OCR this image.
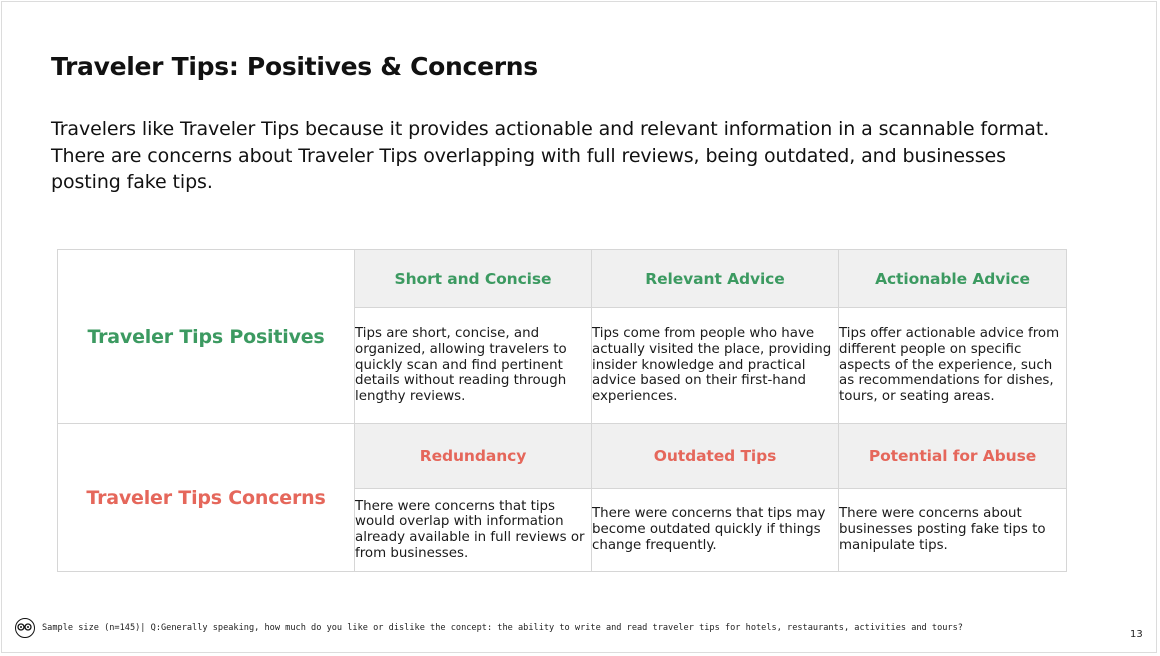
Traveler Tips: Positives & Concerns
Travelers like Traveler Tips because it provides actionable and relevant information in a scannable format.
There are concerns about Traveler Tips overlapping with full reviews, being outdated, and businesses
posting fake tips.
Traveler Tips Positives	Short and Concise	Relevant Advice	Actionable Advice

	Tips are short, concise, and organized, allowing travelers to quickly scan and find pertinent details without reading through lengthy reviews.	Tips come from people who have actually visited the place, providing insider knowledge and practical advice based on their first-hand experiences.	Tips offer actionable advice from different people on specific aspects of the experience, such as recommendations for dishes, tours, or seating areas.

Traveler Tips Concerns	Redundancy	Outdated Tips	Potential for Abuse

	There were concerns that tips would overlap with information already available in full reviews or from businesses.	There were concerns that tips may become outdated quickly if things change frequently.	There were concerns about businesses posting fake tips to manipulate tips.
Sample size (n=145)| Q:Generally speaking, how much do you like or dislike the concept: the ability to write and read traveler tips for hotels, restaurants, activities and tours?
13
